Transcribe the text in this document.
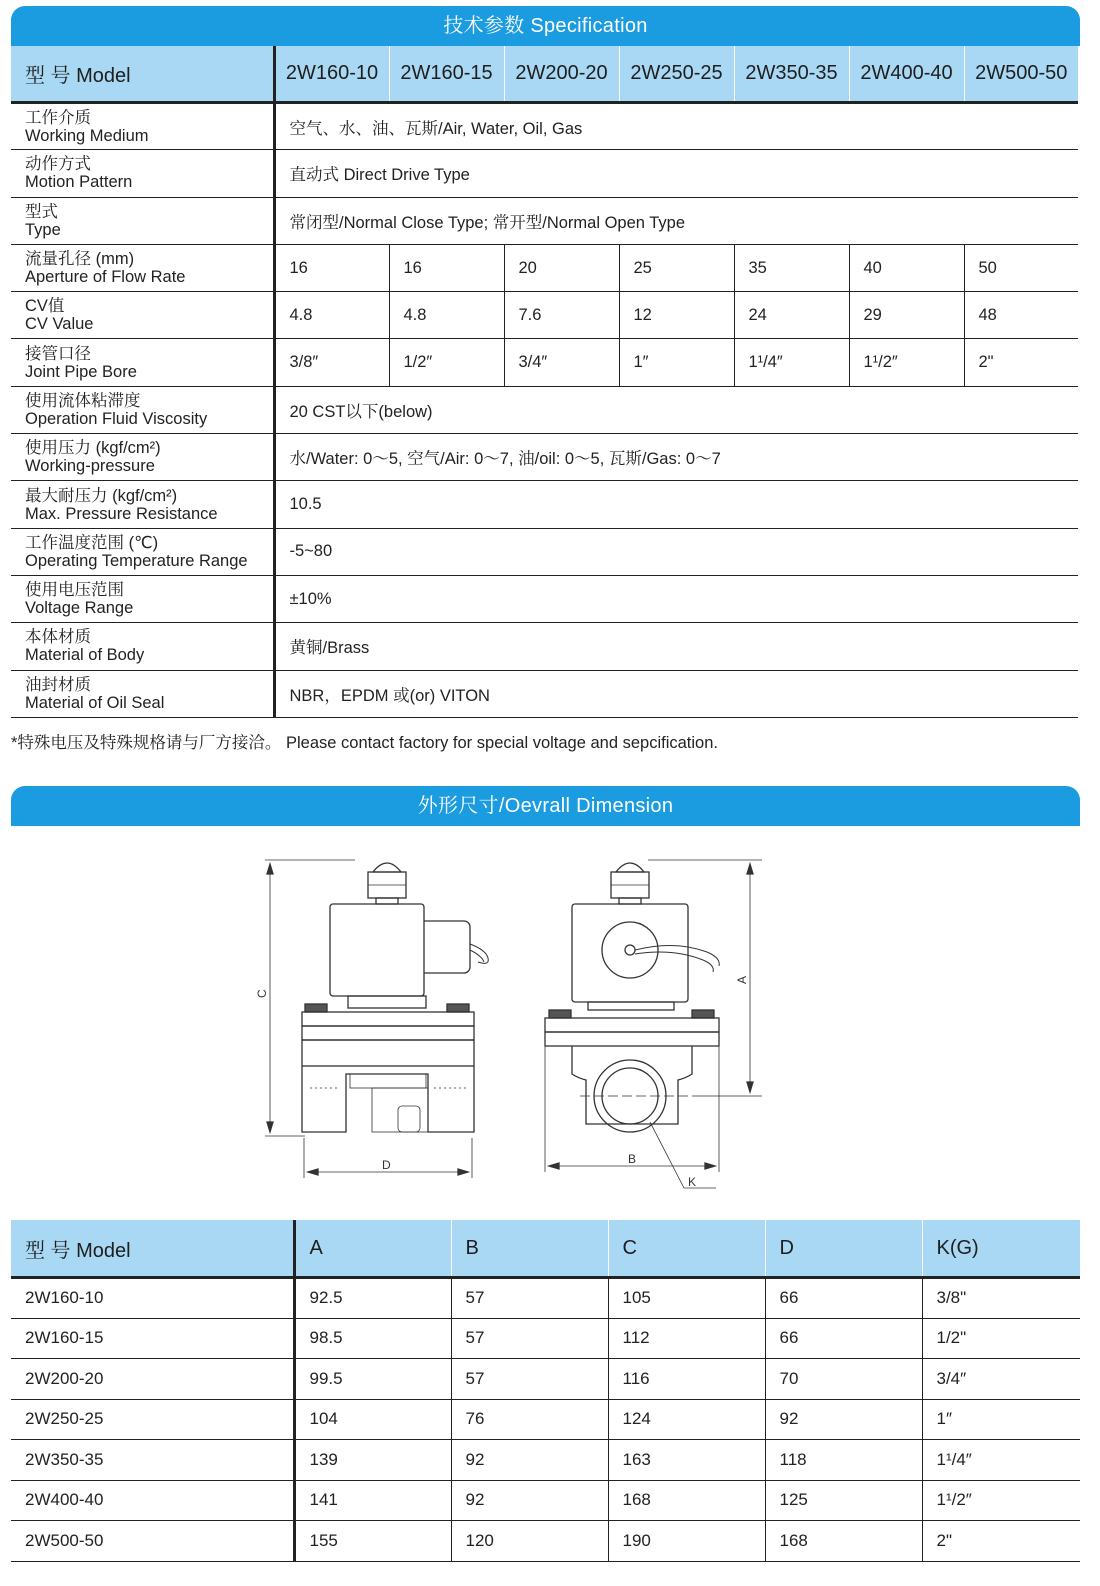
技术参数 Specification
型 号 Model	2W160-10	2W160-15	2W200-20	2W250-25	2W350-35	2W400-40	2W500-50

工作介质
Working Medium	空气、水、油、瓦斯/Air, Water, Oil, Gas						

动作方式
Motion Pattern	直动式 Direct Drive Type						

型式
Type	常闭型/Normal Close Type; 常开型/Normal Open Type						

流量孔径 (mm)
Aperture of Flow Rate	16	16	20	25	35	40	50

CV值
CV Value	4.8	4.8	7.6	12	24	29	48

接管口径
Joint Pipe Bore	3/8″	1/2″	3/4″	1″	1¹/4″	1¹/2″	2"

使用流体粘滞度
Operation Fluid Viscosity	20 CST以下(below)						

使用压力 (kgf/cm²)
Working-pressure	水/Water: 0～5, 空气/Air: 0～7, 油/oil: 0～5, 瓦斯/Gas: 0～7						

最大耐压力 (kgf/cm²)
Max. Pressure Resistance	10.5						

工作温度范围 (℃)
Operating Temperature Range	-5~80						

使用电压范围
Voltage Range	±10%						

本体材质
Material of Body	黄铜/Brass						

油封材质
Material of Oil Seal	NBR，EPDM 或(or) VITON						
*特殊电压及特殊规格请与厂方接洽。 Please contact factory for special voltage and sepcification.
外形尺寸/Oevrall Dimension
C
D
A
B
K
型 号 Model	A	B	C	D	K(G)
2W160-10	92.5	57	105	66	3/8"
2W160-15	98.5	57	112	66	1/2"
2W200-20	99.5	57	116	70	3/4″
2W250-25	104	76	124	92	1″
2W350-35	139	92	163	118	1¹/4″
2W400-40	141	92	168	125	1¹/2″
2W500-50	155	120	190	168	2"
